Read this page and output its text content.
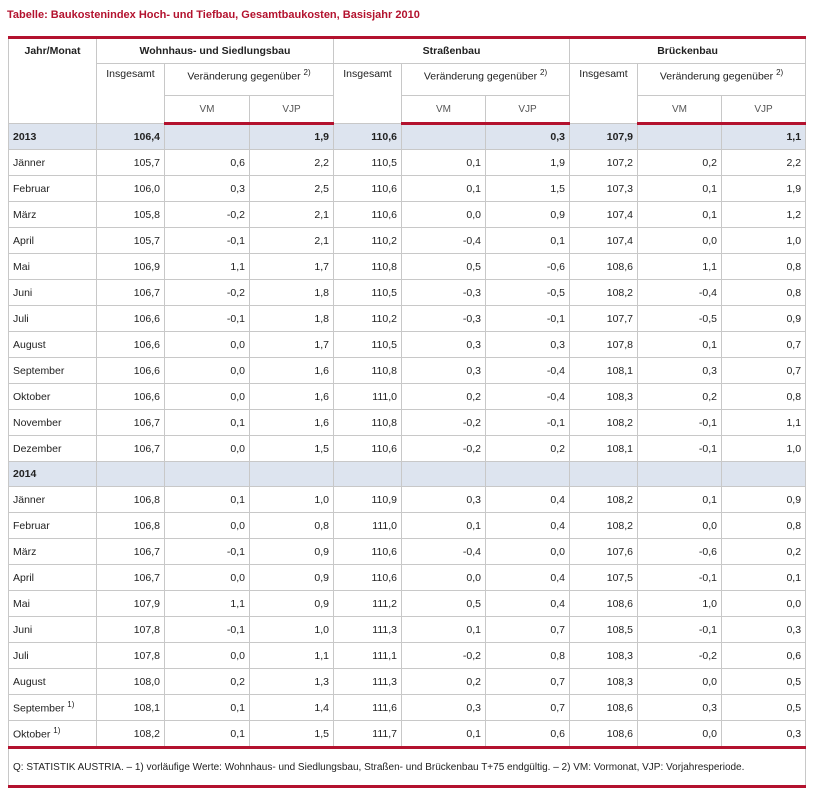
Tabelle: Baukostenindex Hoch- und Tiefbau, Gesamtbaukosten, Basisjahr 2010
Jahr/Monat	Wohnhaus- und Siedlungsbau			Straßenbau			Brückenbau		
	Insgesamt	Veränderung gegenüber $^{2)}$		Insgesamt	Veränderung gegenüber $^{2)}$		Insgesamt	Veränderung gegenüber $^{2)}$
		VM	VJP		VM	VJP		VM	VJP
2013	106,4		1,9	110,6		0,3	107,9		1,1
Jänner	105,7	0,6	2,2	110,5	0,1	1,9	107,2	0,2	2,2
Februar	106,0	0,3	2,5	110,6	0,1	1,5	107,3	0,1	1,9
März	105,8	-0,2	2,1	110,6	0,0	0,9	107,4	0,1	1,2
April	105,7	-0,1	2,1	110,2	-0,4	0,1	107,4	0,0	1,0
Mai	106,9	1,1	1,7	110,8	0,5	-0,6	108,6	1,1	0,8
Juni	106,7	-0,2	1,8	110,5	-0,3	-0,5	108,2	-0,4	0,8
Juli	106,6	-0,1	1,8	110,2	-0,3	-0,1	107,7	-0,5	0,9
August	106,6	0,0	1,7	110,5	0,3	0,3	107,8	0,1	0,7
September	106,6	0,0	1,6	110,8	0,3	-0,4	108,1	0,3	0,7
Oktober	106,6	0,0	1,6	111,0	0,2	-0,4	108,3	0,2	0,8
November	106,7	0,1	1,6	110,8	-0,2	-0,1	108,2	-0,1	1,1
Dezember	106,7	0,0	1,5	110,6	-0,2	0,2	108,1	-0,1	1,0
2014									
Jänner	106,8	0,1	1,0	110,9	0,3	0,4	108,2	0,1	0,9
Februar	106,8	0,0	0,8	111,0	0,1	0,4	108,2	0,0	0,8
März	106,7	-0,1	0,9	110,6	-0,4	0,0	107,6	-0,6	0,2
April	106,7	0,0	0,9	110,6	0,0	0,4	107,5	-0,1	0,1
Mai	107,9	1,1	0,9	111,2	0,5	0,4	108,6	1,0	0,0
Juni	107,8	-0,1	1,0	111,3	0,1	0,7	108,5	-0,1	0,3
Juli	107,8	0,0	1,1	111,1	-0,2	0,8	108,3	-0,2	0,6
August	108,0	0,2	1,3	111,3	0,2	0,7	108,3	0,0	0,5
September $^{1)}$	108,1	0,1	1,4	111,6	0,3	0,7	108,6	0,3	0,5
Oktober $^{1)}$	108,2	0,1	1,5	111,7	0,1	0,6	108,6	0,0	0,3
Q: STATISTIK AUSTRIA. – 1) vorläufige Werte: Wohnhaus- und Siedlungsbau, Straßen- und Brückenbau T+75 endgültig. – 2) VM: Vormonat, VJP: Vorjahresperiode.									
